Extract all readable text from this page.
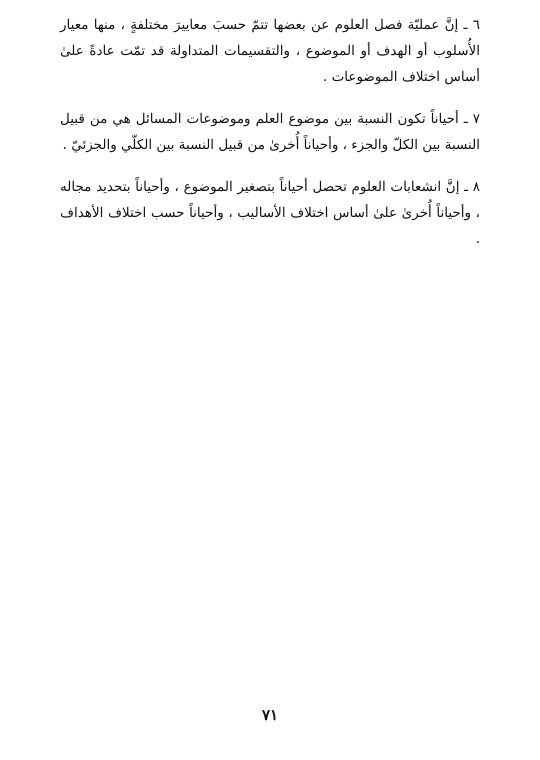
٦ ـ إنَّ عمليّة فصل العلوم عن بعضها تتمّ حسبَ معاييرَ مختلفةٍ ، منها معيار الأُسلوب أو الهدف أو الموضوع ، والتقسيمات المتداولة قد تمّت عادةً علىٰ أساس اختلاف الموضوعات .

٧ ـ أحياناً تكون النسبة بين موضوع العلم وموضوعات المسائل هي من قبيل النسبة بين الكلّ والجزء ، وأحياناً أُخرىٰ من قبيل النسبة بين الكلّي والجزئيّ .

٨ ـ إنَّ انشعابات العلوم تحصل أحياناً بتصغير الموضوع ، وأحياناً بتحديد مجاله ، وأحياناً أُخرىٰ علىٰ أساس اختلاف الأساليب ، وأحياناً حسب اختلاف الأهداف .

٧١
